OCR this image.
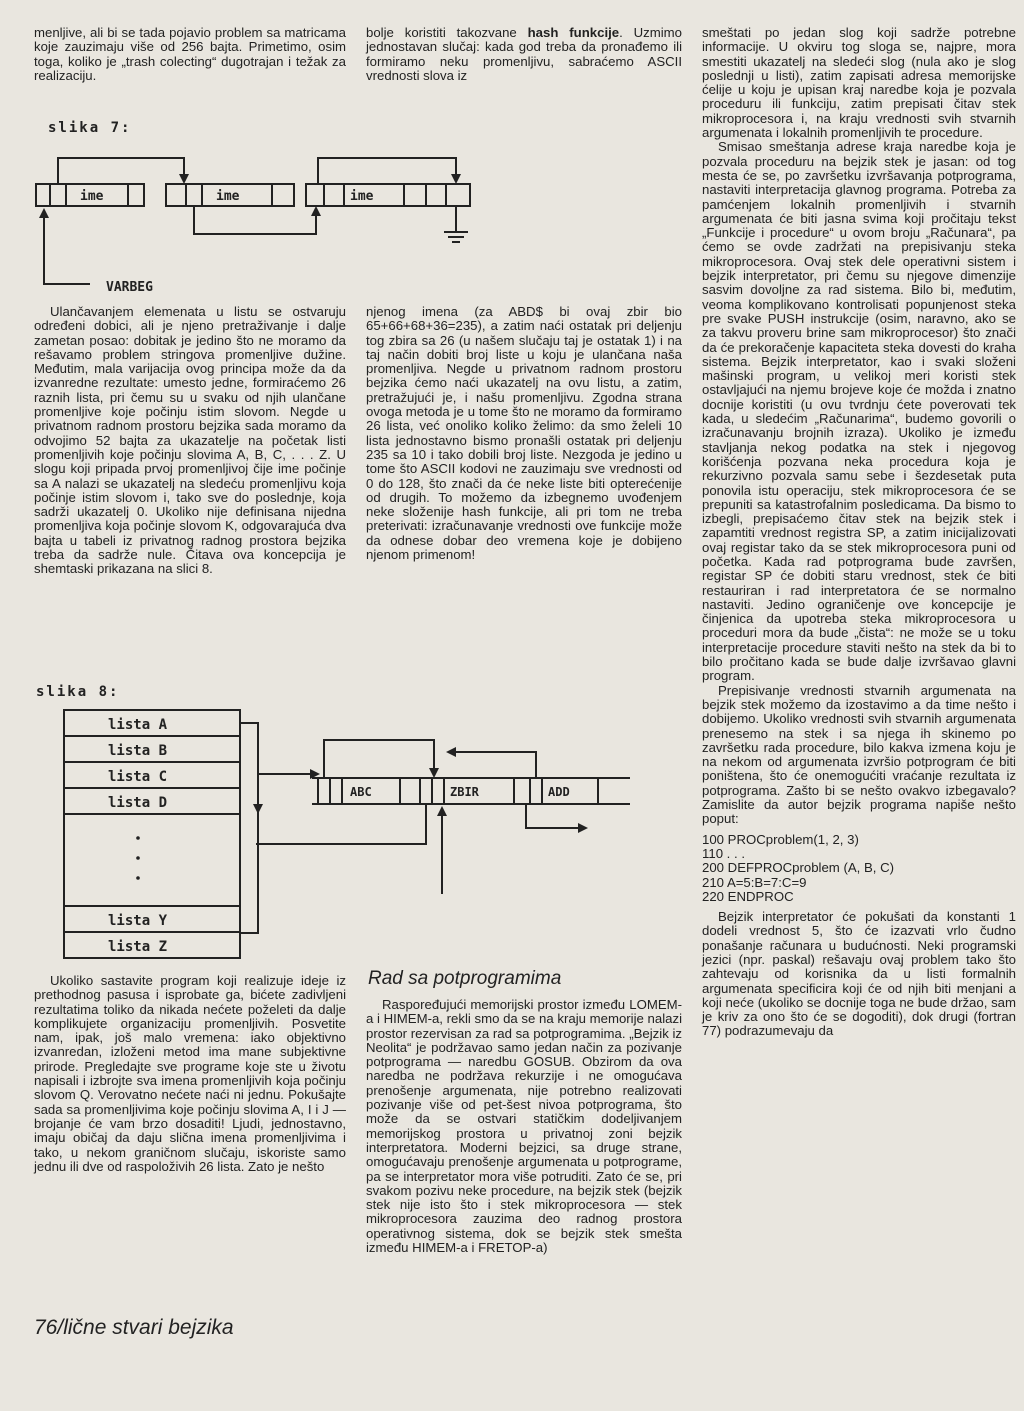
menljive, ali bi se tada pojavio problem sa matricama koje zauzimaju više od 256 bajta. Primetimo, osim toga, koliko je „trash colecting“ dugotrajan i težak za realizaciju.

slika 7:
ime	ime	ime
VARBEG

Ulančavanjem elemenata u listu se ostvaruju određeni dobici, ali je njeno pretraživanje i dalje zametan posao: dobitak je jedino što ne moramo da rešavamo problem stringova promenljive dužine. Međutim, mala varijacija ovog principa može da da izvanredne rezultate: umesto jedne, formiraćemo 26 raznih lista, pri čemu su u svaku od njih ulančane promenljive koje počinju istim slovom. Negde u privatnom radnom prostoru bejzika sada moramo da odvojimo 52 bajta za ukazatelje na početak listi promenljivih koje počinju slovima A, B, C, . . . Z. U slogu koji pripada prvoj promenljivoj čije ime počinje sa A nalazi se ukazatelj na sledeću promenljivu koja počinje istim slovom i, tako sve do poslednje, koja sadrži ukazatelj 0. Ukoliko nije definisana nijedna promenljiva koja počinje slovom K, odgovarajuća dva bajta u tabeli iz privatnog radnog prostora bejzika treba da sadrže nule. Čitava ova koncepcija je shemtaski prikazana na slici 8.

slika 8:
lista A
lista B
lista C
lista D
lista Y
lista Z
ABC	ZBIR	ADD

Ukoliko sastavite program koji realizuje ideje iz prethodnog pasusa i isprobate ga, bićete zadivljeni rezultatima toliko da nikada nećete poželeti da dalje komplikujete organizaciju promenljivih. Posvetite nam, ipak, još malo vremena: iako objektivno izvanredan, izloženi metod ima mane subjektivne prirode. Pregledajte sve programe koje ste u životu napisali i izbrojte sva imena promenljivih koja počinju slovom Q. Verovatno nećete naći ni jednu. Pokušajte sada sa promenljivima koje počinju slovima A, I i J — brojanje će vam brzo dosaditi! Ljudi, jednostavno, imaju običaj da daju slična imena promenljivima i tako, u nekom graničnom slučaju, iskoriste samo jednu ili dve od raspoloživih 26 lista. Zato je nešto

76/lične stvari bejzika

bolje koristiti takozvane hash funkcije. Uzmimo jednostavan slučaj: kada god treba da pronađemo ili formiramo neku promenljivu, sabraćemo ASCII vrednosti slova iz

njenog imena (za ABD$ bi ovaj zbir bio 65+66+68+36=235), a zatim naći ostatak pri deljenju tog zbira sa 26 (u našem slučaju taj je ostatak 1) i na taj način dobiti broj liste u koju je ulančana naša promenljiva. Negde u privatnom radnom prostoru bejzika ćemo naći ukazatelj na ovu listu, a zatim, pretražujući je, i našu promenljivu. Zgodna strana ovoga metoda je u tome što ne moramo da formiramo 26 lista, već onoliko koliko želimo: da smo želeli 10 lista jednostavno bismo pronašli ostatak pri deljenju 235 sa 10 i tako dobili broj liste. Nezgoda je jedino u tome što ASCII kodovi ne zauzimaju sve vrednosti od 0 do 128, što znači da će neke liste biti opterećenije od drugih. To možemo da izbegnemo uvođenjem neke složenije hash funkcije, ali pri tom ne treba preterivati: izračunavanje vrednosti ove funkcije može da odnese dobar deo vremena koje je dobijeno njenom primenom!

Rad sa potprogramima

Raspoređujući memorijski prostor između LOMEM-a i HIMEM-a, rekli smo da se na kraju memorije nalazi prostor rezervisan za rad sa potprogramima. „Bejzik iz Neolita“ je podržavao samo jedan način za pozivanje potprograma — naredbu GOSUB. Obzirom da ova naredba ne podržava rekurzije i ne omogućava prenošenje argumenata, nije potrebno realizovati pozivanje više od pet-šest nivoa potprograma, što može da se ostvari statičkim dodeljivanjem memorijskog prostora u privatnoj zoni bejzik interpretatora. Moderni bejzici, sa druge strane, omogućavaju prenošenje argumenata u potprograme, pa se interpretator mora više potruditi. Zato će se, pri svakom pozivu neke procedure, na bejzik stek (bejzik stek nije isto što i stek mikroprocesora — stek mikroprocesora zauzima deo radnog prostora operativnog sistema, dok se bejzik stek smešta između HIMEM-a i FRETOP-a)

smeštati po jedan slog koji sadrže potrebne informacije. U okviru tog sloga se, najpre, mora smestiti ukazatelj na sledeći slog (nula ako je slog poslednji u listi), zatim zapisati adresa memorijske ćelije u koju je upisan kraj naredbe koja je pozvala proceduru ili funkciju, zatim prepisati čitav stek mikroprocesora i, na kraju vrednosti svih stvarnih argumenata i lokalnih promenljivih te procedure.

Smisao smeštanja adrese kraja naredbe koja je pozvala proceduru na bejzik stek je jasan: od tog mesta će se, po završetku izvršavanja potprograma, nastaviti interpretacija glavnog programa. Potreba za pamćenjem lokalnih promenljivih i stvarnih argumenata će biti jasna svima koji pročitaju tekst „Funkcije i procedure“ u ovom broju „Računara“, pa ćemo se ovde zadržati na prepisivanju steka mikroprocesora. Ovaj stek dele operativni sistem i bejzik interpretator, pri čemu su njegove dimenzije sasvim dovoljne za rad sistema. Bilo bi, međutim, veoma komplikovano kontrolisati popunjenost steka pre svake PUSH instrukcije (osim, naravno, ako se za takvu proveru brine sam mikroprocesor) što znači da će prekoračenje kapaciteta steka dovesti do kraha sistema. Bejzik interpretator, kao i svaki složeni mašinski program, u velikoj meri koristi stek ostavljajući na njemu brojeve koje će možda i znatno docnije koristiti (u ovu tvrdnju ćete poverovati tek kada, u sledećim „Računarima“, budemo govorili o izračunavanju brojnih izraza). Ukoliko je između stavljanja nekog podatka na stek i njegovog korišćenja pozvana neka procedura koja je rekurzivno pozvala samu sebe i šezdesetak puta ponovila istu operaciju, stek mikroprocesora će se prepuniti sa katastrofalnim posledicama. Da bismo to izbegli, prepisaćemo čitav stek na bejzik stek i zapamtiti vrednost registra SP, a zatim inicijalizovati ovaj registar tako da se stek mikroprocesora puni od početka. Kada rad potprograma bude završen, registar SP će dobiti staru vrednost, stek će biti restauriran i rad interpretatora će se normalno nastaviti. Jedino ograničenje ove koncepcije je činjenica da upotreba steka mikroprocesora u proceduri mora da bude „čista“: ne može se u toku interpretacije procedure staviti nešto na stek da bi to bilo pročitano kada se bude dalje izvršavao glavni program.

Prepisivanje vrednosti stvarnih argumenata na bejzik stek možemo da izostavimo a da time nešto i dobijemo. Ukoliko vrednosti svih stvarnih argumenata prenesemo na stek i sa njega ih skinemo po završetku rada procedure, bilo kakva izmena koju je na nekom od argumenata izvršio potprogram će biti poništena, što će onemogućiti vraćanje rezultata iz potprograma. Zašto bi se nešto ovakvo izbegavalo? Zamislite da autor bejzik programa napiše nešto poput:

100 PROCproblem(1, 2, 3)

110 . . .

200 DEFPROCproblem (A, B, C)

210 A=5:B=7:C=9

220 ENDPROC

Bejzik interpretator će pokušati da konstanti 1 dodeli vrednost 5, što će izazvati vrlo čudno ponašanje računara u budućnosti. Neki programski jezici (npr. paskal) rešavaju ovaj problem tako što zahtevaju od korisnika da u listi formalnih argumenata specificira koji će od njih biti menjani a koji neće (ukoliko se docnije toga ne bude držao, sam je kriv za ono što će se dogoditi), dok drugi (fortran 77) podrazumevaju da
